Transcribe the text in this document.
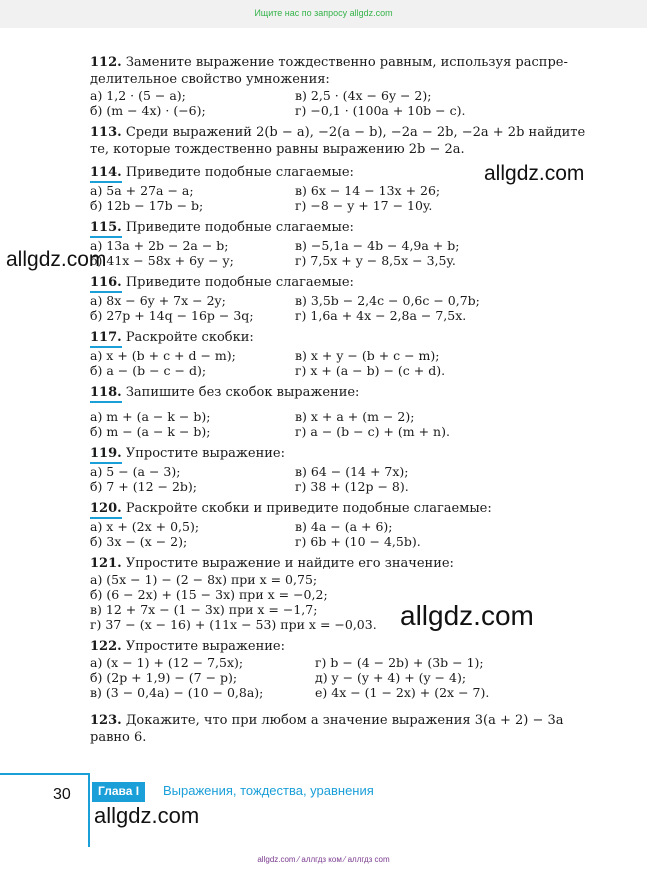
Ищите нас по запросу allgdz.com
112. Замените выражение тождественно равным, используя распре-
делительное свойство умножения:
а) 1,2 · (5 − a);	в) 2,5 · (4x − 6y − 2);
б) (m − 4x) · (−6);	г) −0,1 · (100a + 10b − c).
113. Среди выражений 2(b − a), −2(a − b), −2a − 2b, −2a + 2b найдите
те, которые тождественно равны выражению 2b − 2a.
114. Приведите подобные слагаемые:
а) 5a + 27a − a;	в) 6x − 14 − 13x + 26;
б) 12b − 17b − b;	г) −8 − y + 17 − 10y.
115. Приведите подобные слагаемые:
а) 13a + 2b − 2a − b;	в) −5,1a − 4b − 4,9a + b;
б) 41x − 58x + 6y − y;	г) 7,5x + y − 8,5x − 3,5y.
116. Приведите подобные слагаемые:
а) 8x − 6y + 7x − 2y;	в) 3,5b − 2,4c − 0,6c − 0,7b;
б) 27p + 14q − 16p − 3q;	г) 1,6a + 4x − 2,8a − 7,5x.
117. Раскройте скобки:
а) x + (b + c + d − m);	в) x + y − (b + c − m);
б) a − (b − c − d);	г) x + (a − b) − (c + d).
118. Запишите без скобок выражение:
а) m + (a − k − b);	в) x + a + (m − 2);
б) m − (a − k − b);	г) a − (b − c) + (m + n).
119. Упростите выражение:
а) 5 − (a − 3);	в) 64 − (14 + 7x);
б) 7 + (12 − 2b);	г) 38 + (12p − 8).
120. Раскройте скобки и приведите подобные слагаемые:
а) x + (2x + 0,5);	в) 4a − (a + 6);
б) 3x − (x − 2);	г) 6b + (10 − 4,5b).
121. Упростите выражение и найдите его значение:
а) (5x − 1) − (2 − 8x) при x = 0,75;
б) (6 − 2x) + (15 − 3x) при x = −0,2;
в) 12 + 7x − (1 − 3x) при x = −1,7;
г) 37 − (x − 16) + (11x − 53) при x = −0,03.
122. Упростите выражение:
а) (x − 1) + (12 − 7,5x);	г) b − (4 − 2b) + (3b − 1);
б) (2p + 1,9) − (7 − p);	д) y − (y + 4) + (y − 4);
в) (3 − 0,4a) − (10 − 0,8a);	е) 4x − (1 − 2x) + (2x − 7).
123. Докажите, что при любом a значение выражения 3(a + 2) − 3a
равно 6.
allgdz.com
allgdz.com
allgdz.com
allgdz.com
30	Глава I	Выражения, тождества, уравнения
allgdz.com ⁄ аллгдз ком ⁄ аллгдз com
